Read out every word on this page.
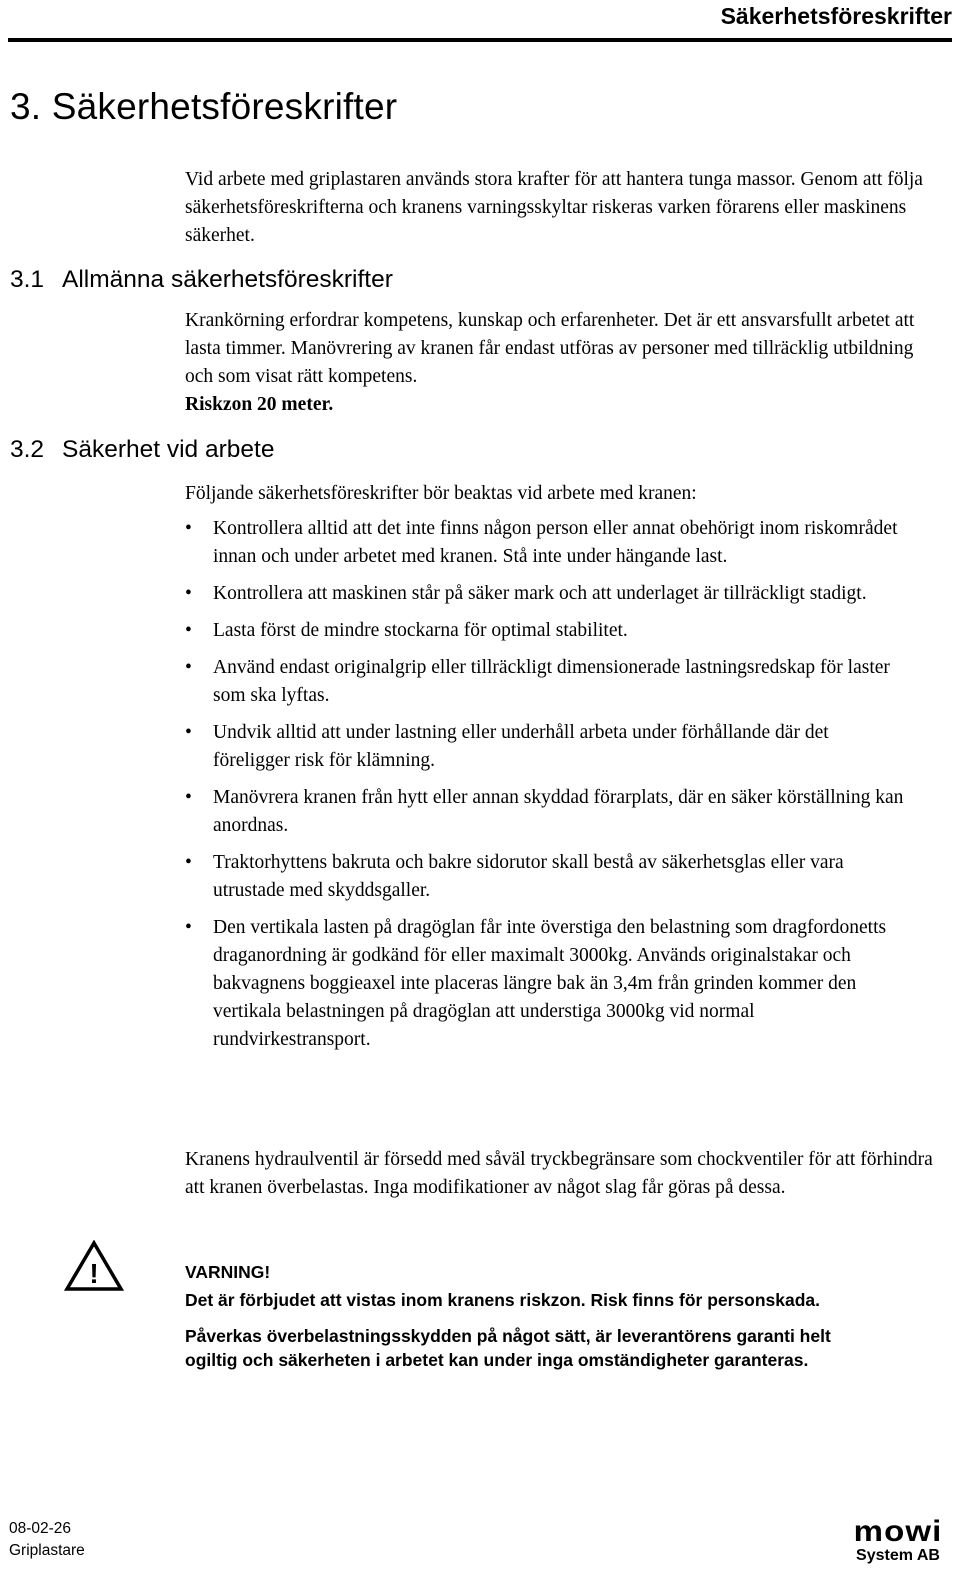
Säkerhetsföreskrifter
3. Säkerhetsföreskrifter

Vid arbete med griplastaren används stora krafter för att hantera tunga massor. Genom att följa säkerhetsföreskrifterna och kranens varningsskyltar riskeras varken förarens eller maskinens säkerhet.

3.1 Allmänna säkerhetsföreskrifter

Krankörning erfordrar kompetens, kunskap och erfarenheter. Det är ett ansvarsfullt arbetet att lasta timmer. Manövrering av kranen får endast utföras av personer med tillräcklig utbildning och som visat rätt kompetens.

Riskzon 20 meter.

3.2 Säkerhet vid arbete

Följande säkerhetsföreskrifter bör beaktas vid arbete med kranen:

• Kontrollera alltid att det inte finns någon person eller annat obehörigt inom riskområdet innan och under arbetet med kranen. Stå inte under hängande last.
• Kontrollera att maskinen står på säker mark och att underlaget är tillräckligt stadigt.
• Lasta först de mindre stockarna för optimal stabilitet.
• Använd endast originalgrip eller tillräckligt dimensionerade lastningsredskap för laster som ska lyftas.
• Undvik alltid att under lastning eller underhåll arbeta under förhållande där det föreligger risk för klämning.
• Manövrera kranen från hytt eller annan skyddad förarplats, där en säker körställning kan anordnas.
• Traktorhyttens bakruta och bakre sidorutor skall bestå av säkerhetsglas eller vara utrustade med skyddsgaller.
• Den vertikala lasten på dragöglan får inte överstiga den belastning som dragfordonetts draganordning är godkänd för eller maximalt 3000kg. Används originalstakar och bakvagnens boggieaxel inte placeras längre bak än 3,4m från grinden kommer den vertikala belastningen på dragöglan att understiga 3000kg vid normal rundvirkestransport.

Kranens hydraulventil är försedd med såväl tryckbegränsare som chockventiler för att förhindra att kranen överbelastas. Inga modifikationer av något slag får göras på dessa.

!	VARNING!

Det är förbjudet att vistas inom kranens riskzon. Risk finns för personskada.

Påverkas överbelastningsskydden på något sätt, är leverantörens garanti helt ogiltig och säkerheten i arbetet kan under inga omständigheter garanteras.

08-02-26
Griplastare
mowi
System AB
